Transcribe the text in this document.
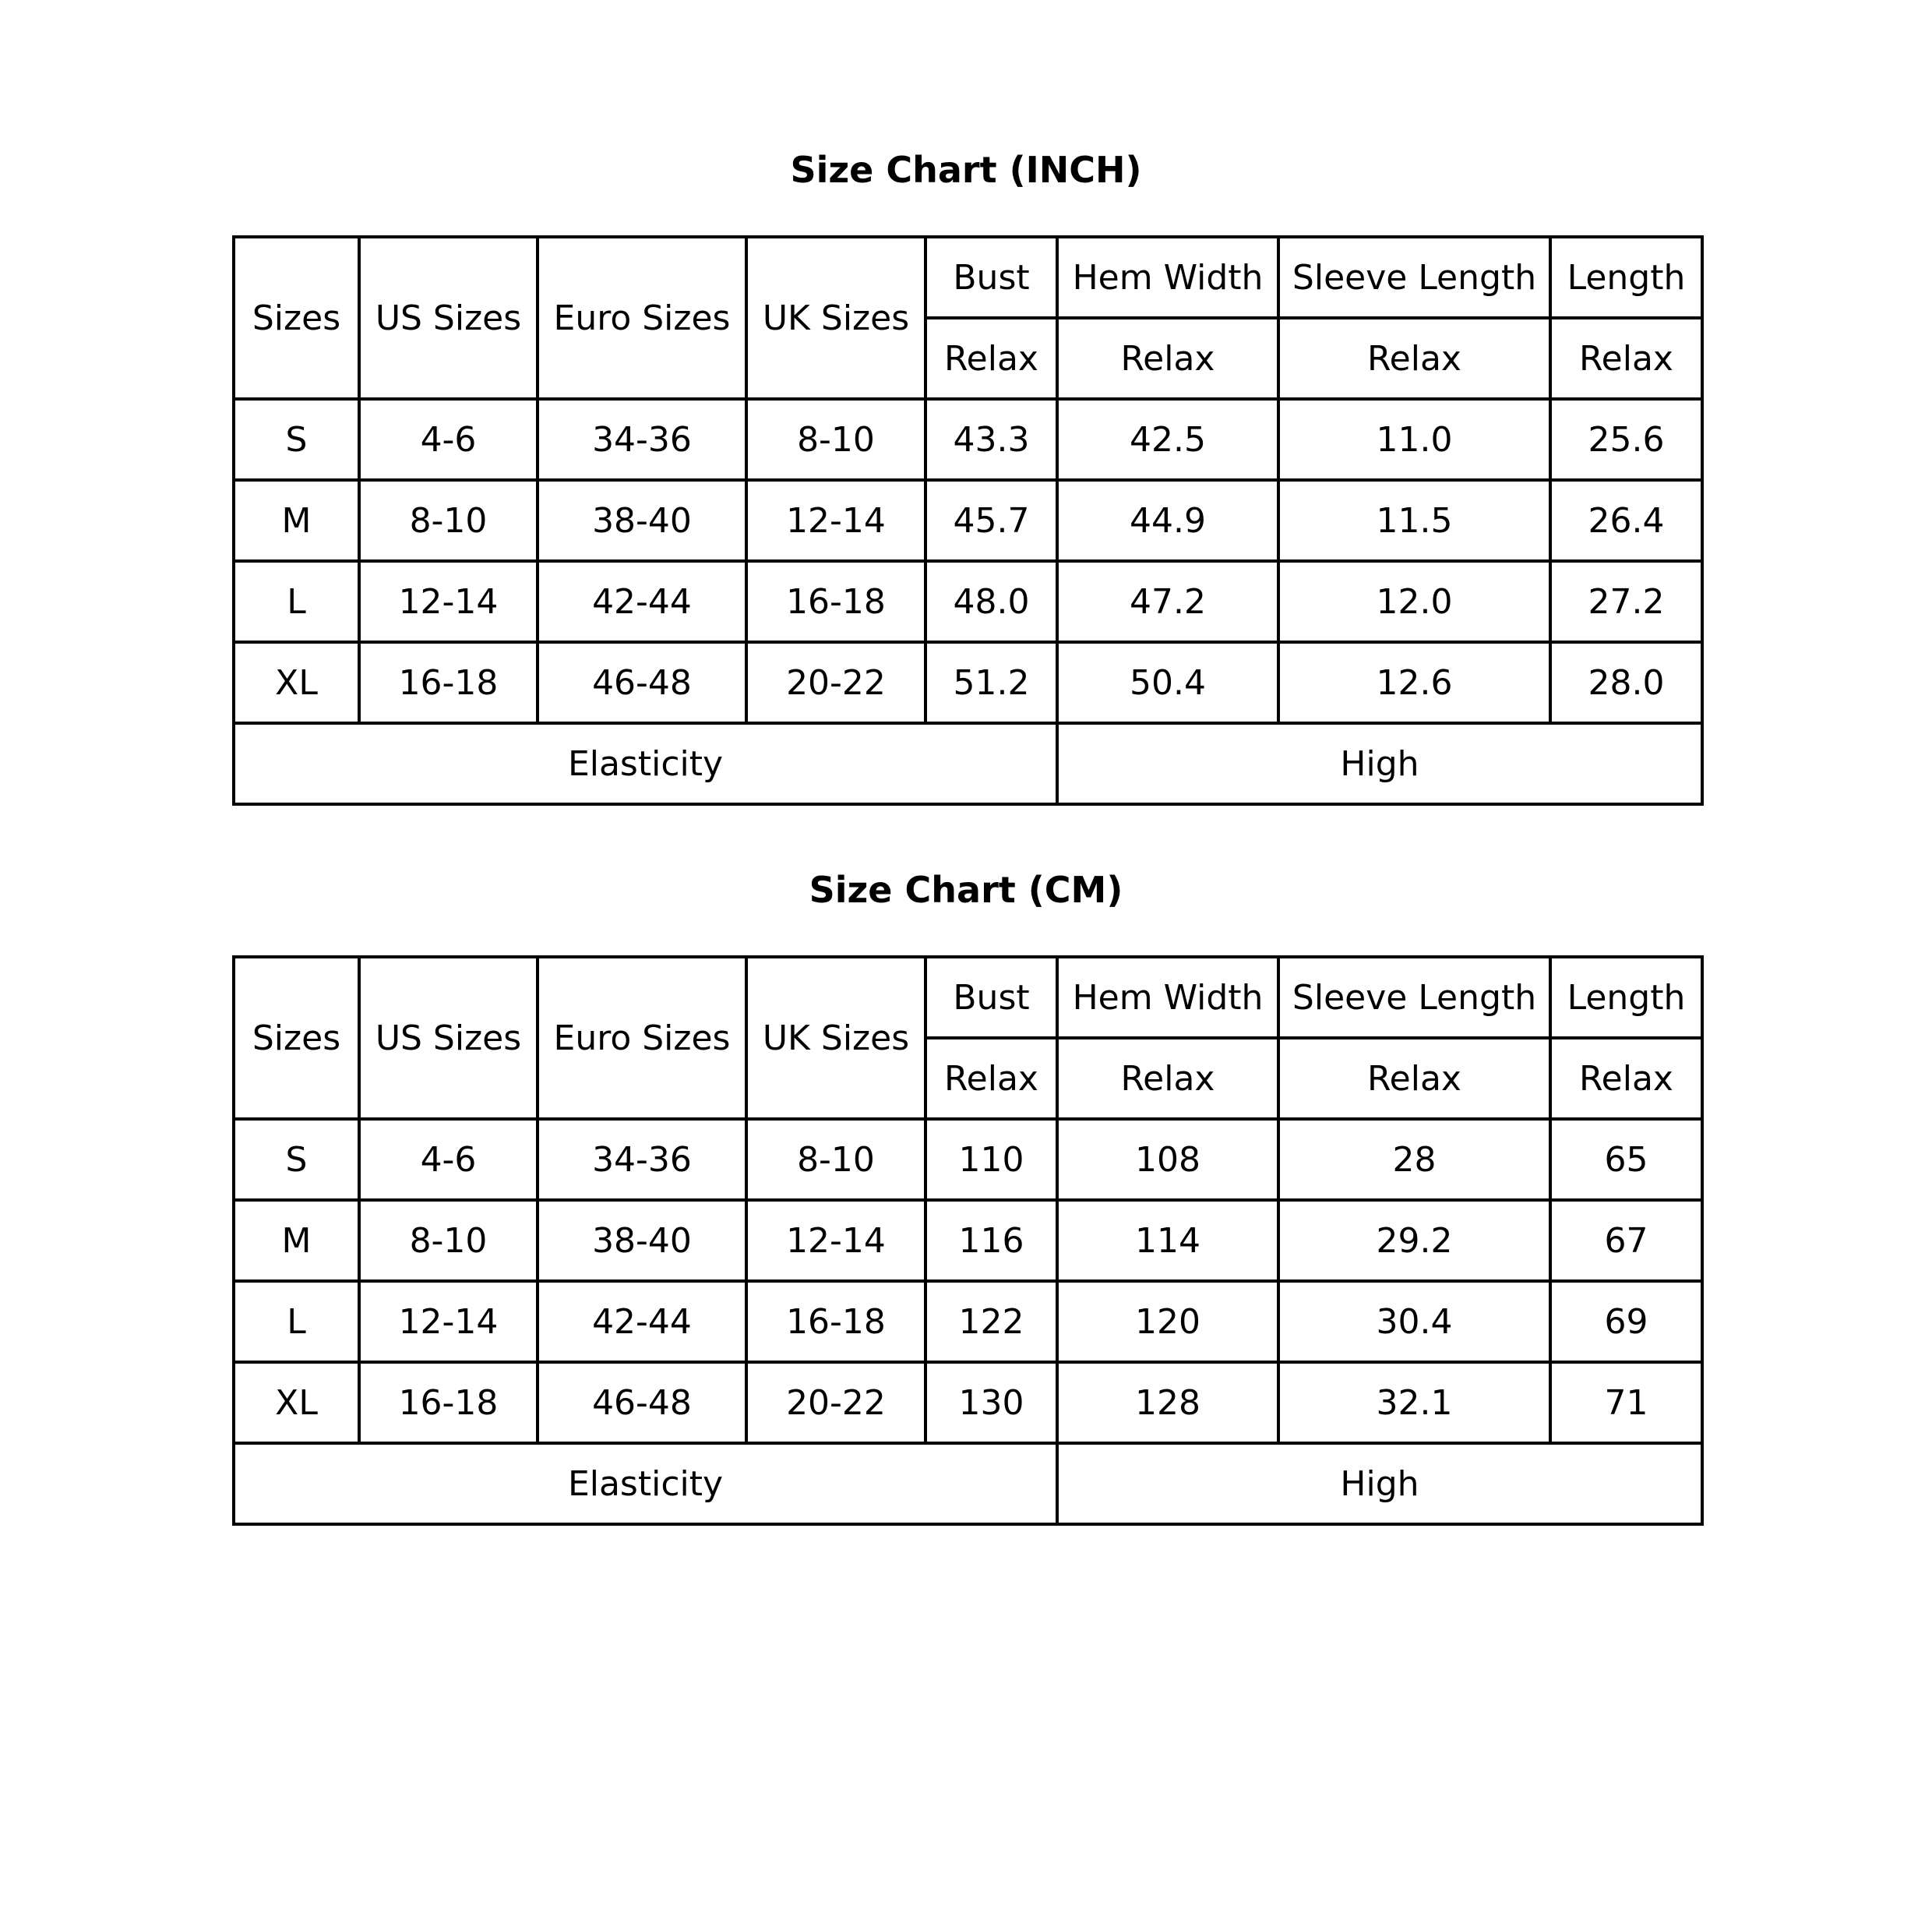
Size Chart (INCH)
Sizes	US Sizes	Euro Sizes	UK Sizes	Bust	Hem Width	Sleeve Length	Length
				Relax	Relax	Relax	Relax
S	4-6	34-36	8-10	43.3	42.5	11.0	25.6
M	8-10	38-40	12-14	45.7	44.9	11.5	26.4
L	12-14	42-44	16-18	48.0	47.2	12.0	27.2
XL	16-18	46-48	20-22	51.2	50.4	12.6	28.0
Elasticity					High		
Size Chart (CM)
Sizes	US Sizes	Euro Sizes	UK Sizes	Bust	Hem Width	Sleeve Length	Length
				Relax	Relax	Relax	Relax
S	4-6	34-36	8-10	110	108	28	65
M	8-10	38-40	12-14	116	114	29.2	67
L	12-14	42-44	16-18	122	120	30.4	69
XL	16-18	46-48	20-22	130	128	32.1	71
Elasticity					High		
